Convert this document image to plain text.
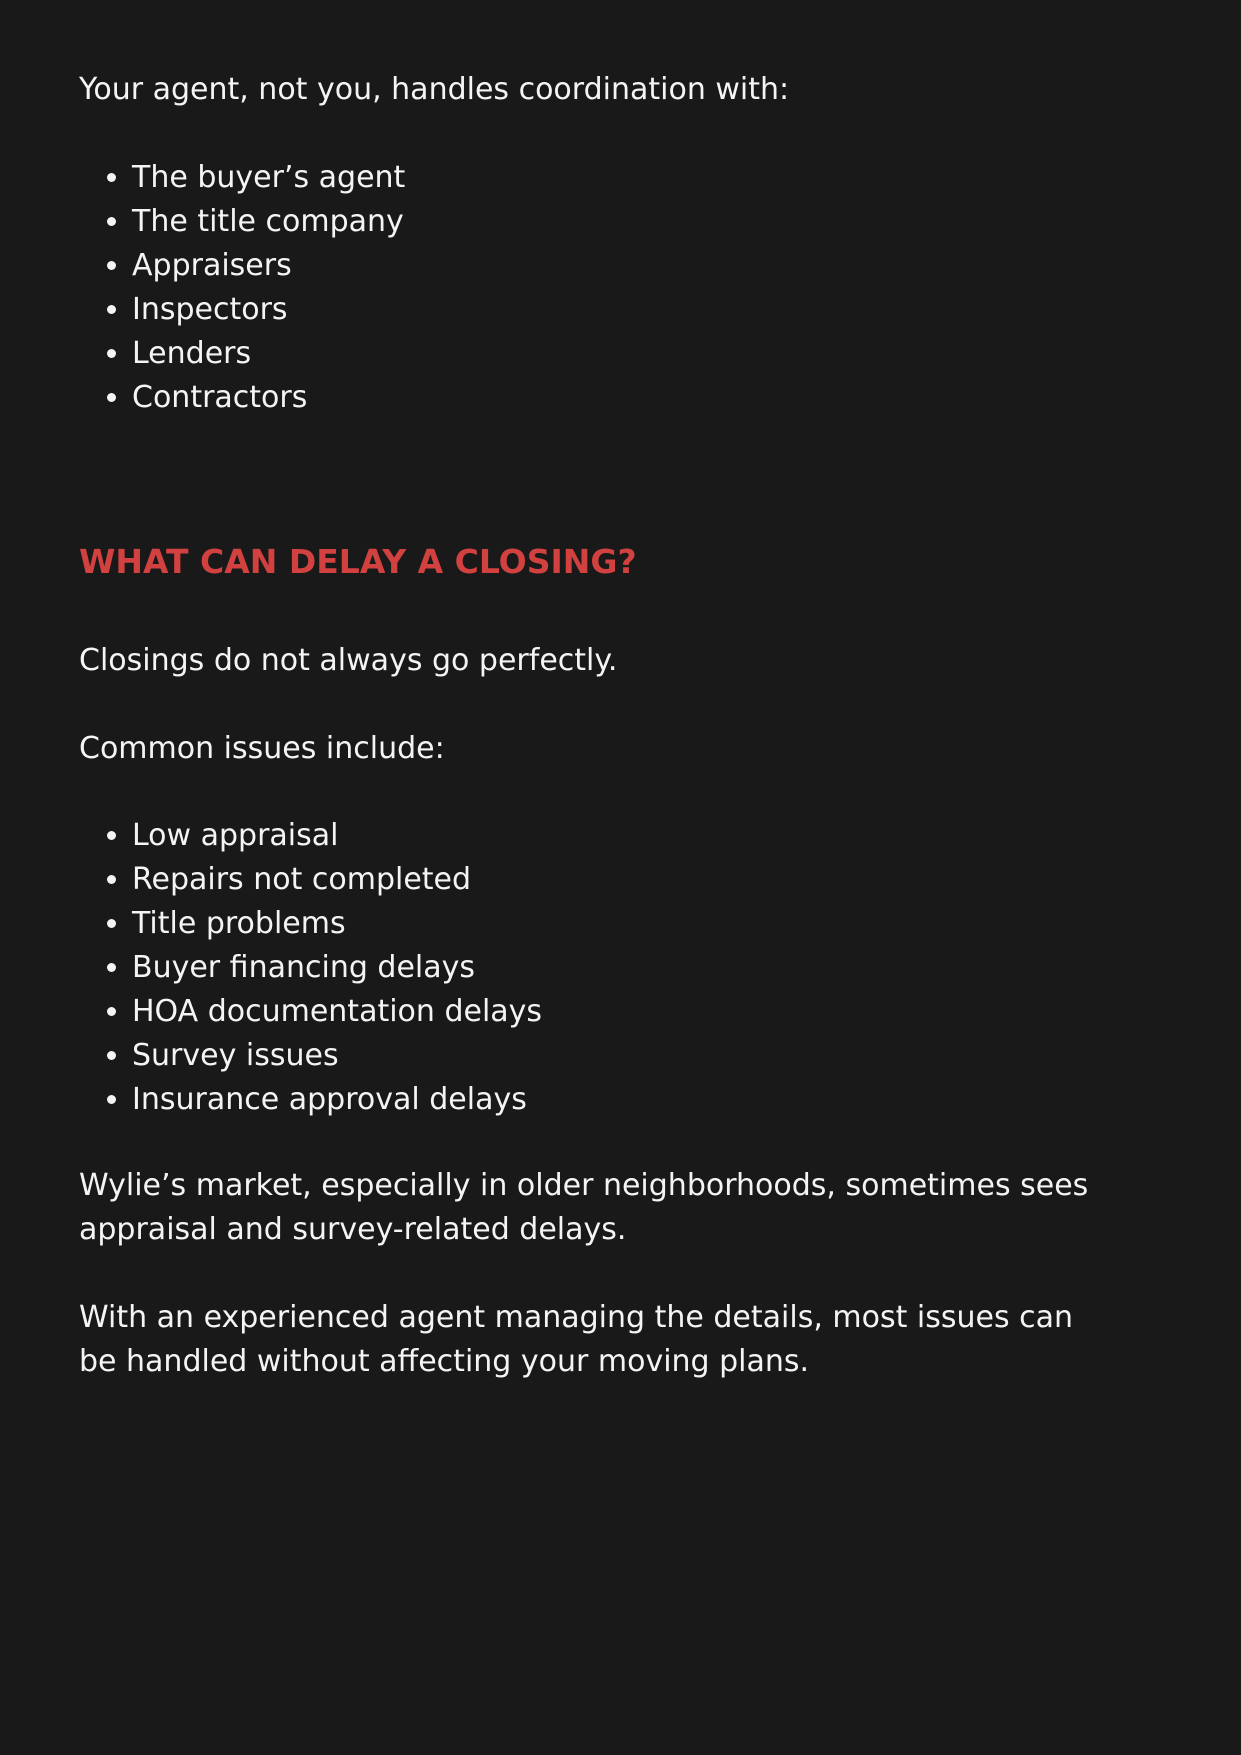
Your agent, not you, handles coordination with:

• The buyer’s agent
• The title company
• Appraisers
• Inspectors
• Lenders
• Contractors
WHAT CAN DELAY A CLOSING?

Closings do not always go perfectly.

Common issues include:

• Low appraisal
• Repairs not completed
• Title problems
• Buyer financing delays
• HOA documentation delays
• Survey issues
• Insurance approval delays

Wylie’s market, especially in older neighborhoods, sometimes sees appraisal and survey-related delays.

With an experienced agent managing the details, most issues can be handled without affecting your moving plans.
